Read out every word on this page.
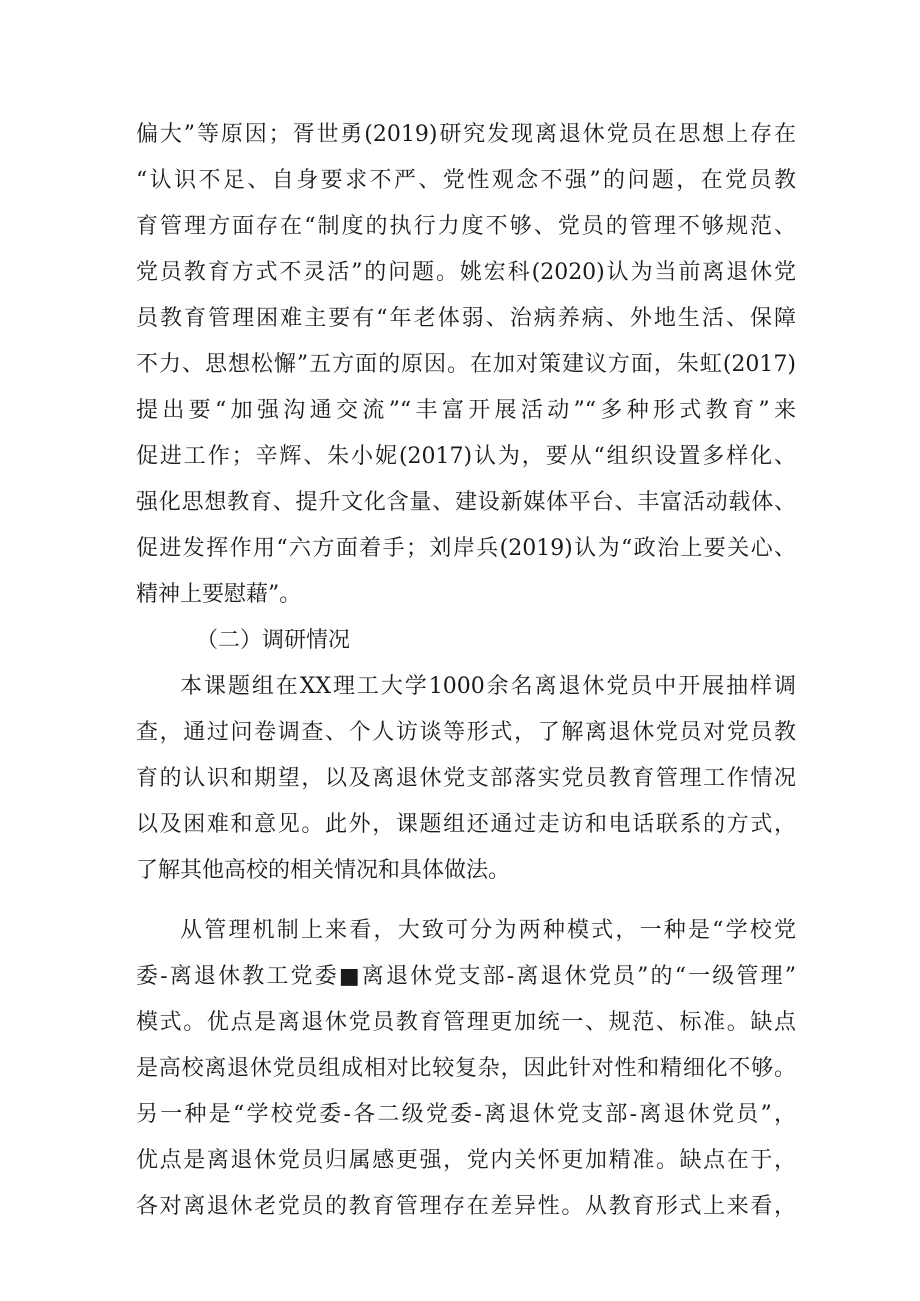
偏大”等原因；胥世勇(2019)研究发现离退休党员在思想上存在
“认识不足、自身要求不严、党性观念不强”的问题，在党员教
育管理方面存在“制度的执行力度不够、党员的管理不够规范、
党员教育方式不灵活”的问题。姚宏科(2020)认为当前离退休党
员教育管理困难主要有“年老体弱、治病养病、外地生活、保障
不力、思想松懈”五方面的原因。在加对策建议方面，朱虹(2017)
提出要“加强沟通交流”“丰富开展活动”“多种形式教育”来
促进工作；辛辉、朱小妮(2017)认为，要从“组织设置多样化、
强化思想教育、提升文化含量、建设新媒体平台、丰富活动载体、
促进发挥作用“六方面着手；刘岸兵(2019)认为“政治上要关心、
精神上要慰藉”。
（二）调研情况
本课题组在XX理工大学1000余名离退休党员中开展抽样调
查，通过问卷调查、个人访谈等形式，了解离退休党员对党员教
育的认识和期望，以及离退休党支部落实党员教育管理工作情况
以及困难和意见。此外，课题组还通过走访和电话联系的方式，
了解其他高校的相关情况和具体做法。
从管理机制上来看，大致可分为两种模式，一种是“学校党
委-离退休教工党委■离退休党支部-离退休党员”的“一级管理”
模式。优点是离退休党员教育管理更加统一、规范、标准。缺点
是高校离退休党员组成相对比较复杂，因此针对性和精细化不够。
另一种是“学校党委-各二级党委-离退休党支部-离退休党员”，
优点是离退休党员归属感更强，党内关怀更加精准。缺点在于，
各对离退休老党员的教育管理存在差异性。从教育形式上来看，
